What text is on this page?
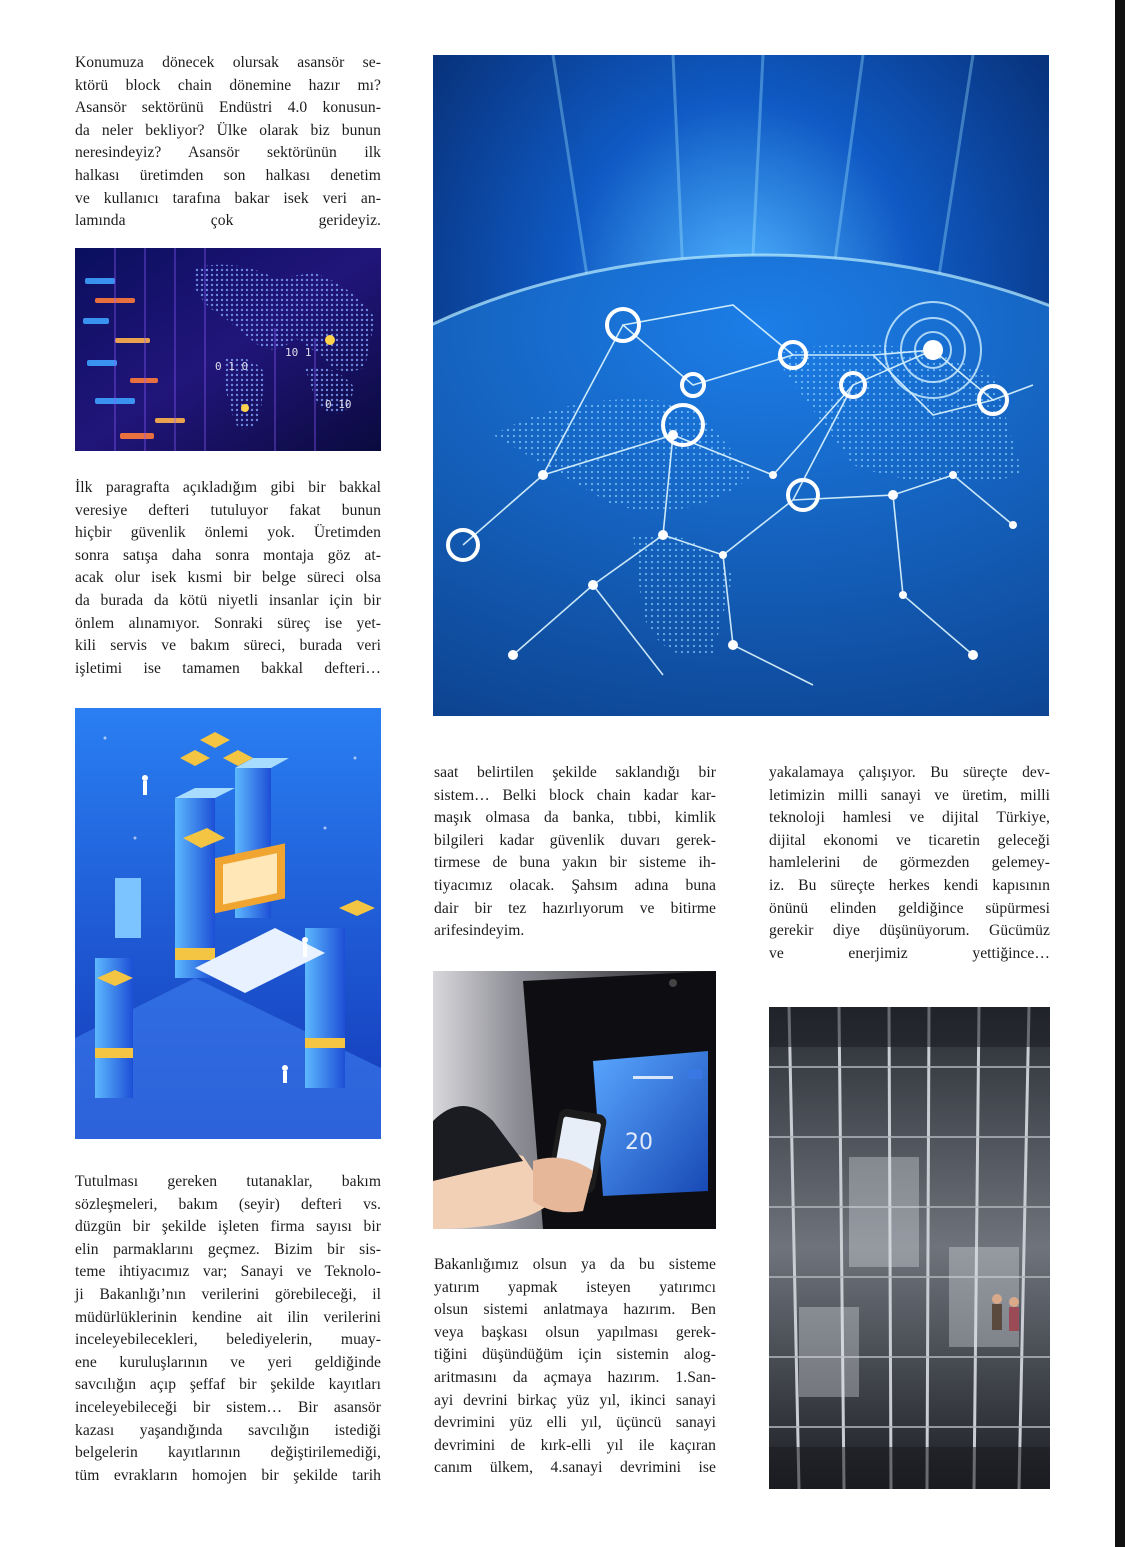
Konumuza dönecek olursak asansör se-
ktörü block chain dönemine hazır mı?
Asansör sektörünü Endüstri 4.0 konusun-
da neler bekliyor? Ülke olarak biz bunun
neresindeyiz? Asansör sektörünün ilk
halkası üretimden son halkası denetim
ve kullanıcı tarafına bakar isek veri an-
lamında çok gerideyiz.
10 1
0 1 0
0 10
İlk paragrafta açıkladığım gibi bir bakkal
veresiye defteri tutuluyor fakat bunun
hiçbir güvenlik önlemi yok. Üretimden
sonra satışa daha sonra montaja göz at-
acak olur isek kısmi bir belge süreci olsa
da burada da kötü niyetli insanlar için bir
önlem alınamıyor. Sonraki süreç ise yet-
kili servis ve bakım süreci, burada veri
işletimi ise tamamen bakkal defteri…
saat belirtilen şekilde saklandığı bir
sistem… Belki block chain kadar kar-
maşık olmasa da banka, tıbbi, kimlik
bilgileri kadar güvenlik duvarı gerek-
tirmese de buna yakın bir sisteme ih-
tiyacımız olacak. Şahsım adına buna
dair bir tez hazırlıyorum ve bitirme
arifesindeyim.
yakalamaya çalışıyor. Bu süreçte dev-
letimizin milli sanayi ve üretim, milli
teknoloji hamlesi ve dijital Türkiye,
dijital ekonomi ve ticaretin geleceği
hamlelerini de görmezden gelemey-
iz. Bu süreçte herkes kendi kapısının
önünü elinden geldiğince süpürmesi
gerekir diye düşünüyorum. Gücümüz
ve enerjimiz yettiğince…
20
Tutulması gereken tutanaklar, bakım
sözleşmeleri, bakım (seyir) defteri vs.
düzgün bir şekilde işleten firma sayısı bir
elin parmaklarını geçmez. Bizim bir sis-
teme ihtiyacımız var; Sanayi ve Teknolo-
ji Bakanlığı’nın verilerini görebileceği, il
müdürlüklerinin kendine ait ilin verilerini
inceleyebilecekleri, belediyelerin, muay-
ene kuruluşlarının ve yeri geldiğinde
savcılığın açıp şeffaf bir şekilde kayıtları
inceleyebileceği bir sistem… Bir asansör
kazası yaşandığında savcılığın istediği
belgelerin kayıtlarının değiştirilemediği,
tüm evrakların homojen bir şekilde tarih
Bakanlığımız olsun ya da bu sisteme
yatırım yapmak isteyen yatırımcı
olsun sistemi anlatmaya hazırım. Ben
veya başkası olsun yapılması gerek-
tiğini düşündüğüm için sistemin alog-
aritmasını da açmaya hazırım. 1.San-
ayi devrini birkaç yüz yıl, ikinci sanayi
devrimini yüz elli yıl, üçüncü sanayi
devrimini de kırk-elli yıl ile kaçıran
canım ülkem, 4.sanayi devrimini ise
